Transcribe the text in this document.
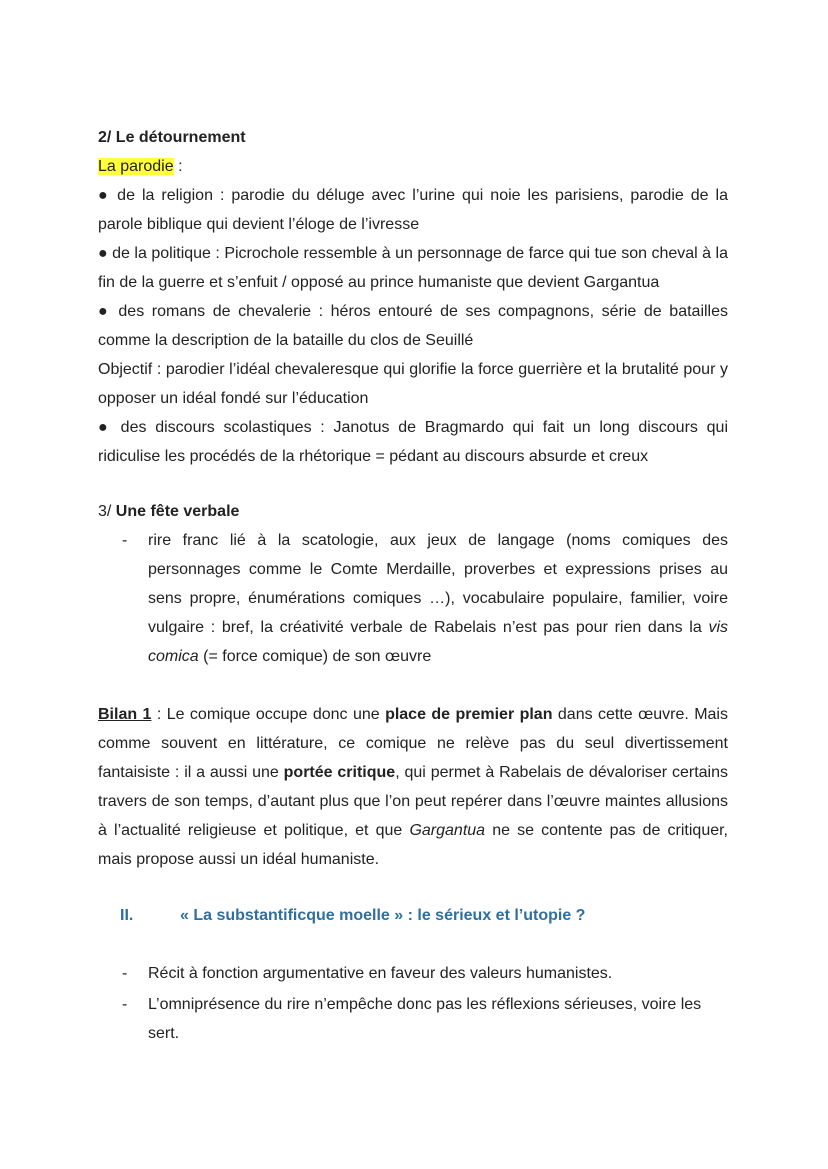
2/ Le détournement
La parodie :
● de la religion : parodie du déluge avec l’urine qui noie les parisiens, parodie de la parole biblique qui devient l’éloge de l’ivresse
● de la politique : Picrochole ressemble à un personnage de farce qui tue son cheval à la fin de la guerre et s’enfuit / opposé au prince humaniste que devient Gargantua
● des romans de chevalerie : héros entouré de ses compagnons, série de batailles comme la description de la bataille du clos de Seuillé
Objectif : parodier l’idéal chevaleresque qui glorifie la force guerrière et la brutalité pour y opposer un idéal fondé sur l’éducation
● des discours scolastiques : Janotus de Bragmardo qui fait un long discours qui ridiculise les procédés de la rhétorique = pédant au discours absurde et creux
3/ Une fête verbale
- rire franc lié à la scatologie, aux jeux de langage (noms comiques des personnages comme le Comte Merdaille, proverbes et expressions prises au sens propre, énumérations comiques …), vocabulaire populaire, familier, voire vulgaire : bref, la créativité verbale de Rabelais n’est pas pour rien dans la vis comica (= force comique) de son œuvre
Bilan 1 : Le comique occupe donc une place de premier plan dans cette œuvre. Mais comme souvent en littérature, ce comique ne relève pas du seul divertissement fantaisiste : il a aussi une portée critique, qui permet à Rabelais de dévaloriser certains travers de son temps, d’autant plus que l’on peut repérer dans l’œuvre maintes allusions à l’actualité religieuse et politique, et que Gargantua ne se contente pas de critiquer, mais propose aussi un idéal humaniste.
II.	« La substantificque moelle » : le sérieux et l’utopie ?
- Récit à fonction argumentative en faveur des valeurs humanistes.
- L’omniprésence du rire n’empêche donc pas les réflexions sérieuses, voire les sert.
